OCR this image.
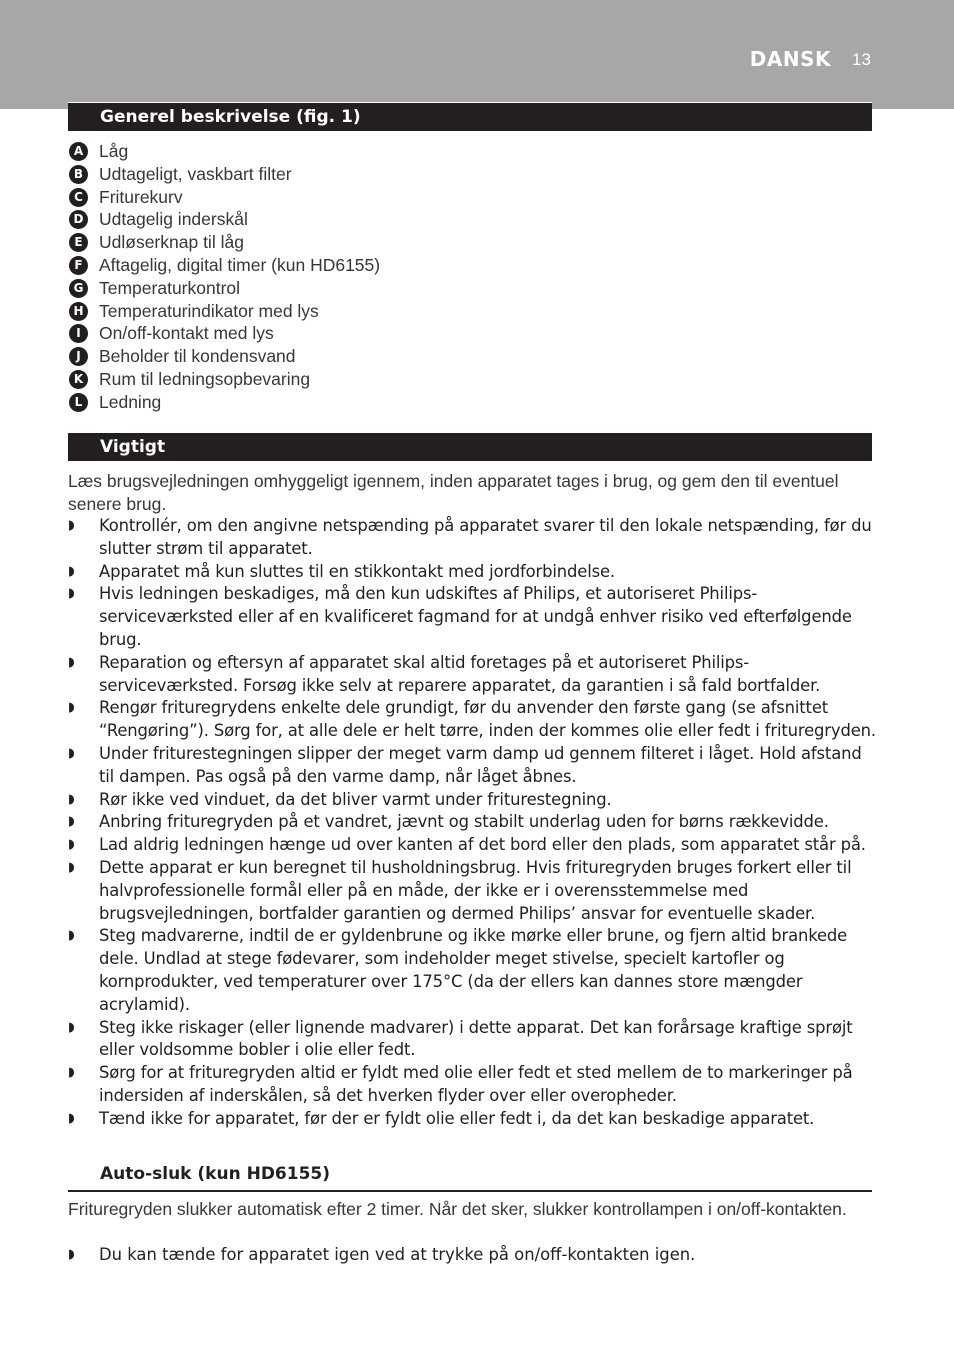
DANSK 13
Generel beskrivelse (fig. 1)
A Låg
B Udtageligt, vaskbart filter
C Friturekurv
D Udtagelig inderskål
E Udløserknap til låg
F Aftagelig, digital timer (kun HD6155)
G Temperaturkontrol
H Temperaturindikator med lys
I	On/off-kontakt med lys
J	Beholder til kondensvand
K Rum til ledningsopbevaring
L Ledning
Vigtigt

Læs brugsvejledningen omhyggeligt igennem, inden apparatet tages i brug, og gem den til eventuel senere brug.

◗ Kontrollér, om den angivne netspænding på apparatet svarer til den lokale netspænding, før du slutter strøm til apparatet.
◗ Apparatet må kun sluttes til en stikkontakt med jordforbindelse.
◗ Hvis ledningen beskadiges, må den kun udskiftes af Philips, et autoriseret Philips-serviceværksted eller af en kvalificeret fagmand for at undgå enhver risiko ved efterfølgende brug.
◗ Reparation og eftersyn af apparatet skal altid foretages på et autoriseret Philips-serviceværksted. Forsøg ikke selv at reparere apparatet, da garantien i så fald bortfalder.
◗ Rengør frituregrydens enkelte dele grundigt, før du anvender den første gang (se afsnittet “Rengøring”). Sørg for, at alle dele er helt tørre, inden der kommes olie eller fedt i frituregryden.
◗ Under friturestegningen slipper der meget varm damp ud gennem filteret i låget. Hold afstand til dampen. Pas også på den varme damp, når låget åbnes.
◗ Rør ikke ved vinduet, da det bliver varmt under friturestegning.
◗ Anbring frituregryden på et vandret, jævnt og stabilt underlag uden for børns rækkevidde.
◗ Lad aldrig ledningen hænge ud over kanten af det bord eller den plads, som apparatet står på.
◗ Dette apparat er kun beregnet til husholdningsbrug. Hvis frituregryden bruges forkert eller til halvprofessionelle formål eller på en måde, der ikke er i overensstemmelse med brugsvejledningen, bortfalder garantien og dermed Philips’ ansvar for eventuelle skader.
◗ Steg madvarerne, indtil de er gyldenbrune og ikke mørke eller brune, og fjern altid brankede dele. Undlad at stege fødevarer, som indeholder meget stivelse, specielt kartofler og kornprodukter, ved temperaturer over 175°C (da der ellers kan dannes store mængder acrylamid).
◗ Steg ikke riskager (eller lignende madvarer) i dette apparat. Det kan forårsage kraftige sprøjt eller voldsomme bobler i olie eller fedt.
◗ Sørg for at frituregryden altid er fyldt med olie eller fedt et sted mellem de to markeringer på indersiden af inderskålen, så det hverken flyder over eller overopheder.
◗ Tænd ikke for apparatet, før der er fyldt olie eller fedt i, da det kan beskadige apparatet.
Auto-sluk (kun HD6155)

Frituregryden slukker automatisk efter 2 timer. Når det sker, slukker kontrollampen i on/off-kontakten.

◗ Du kan tænde for apparatet igen ved at trykke på on/off-kontakten igen.
